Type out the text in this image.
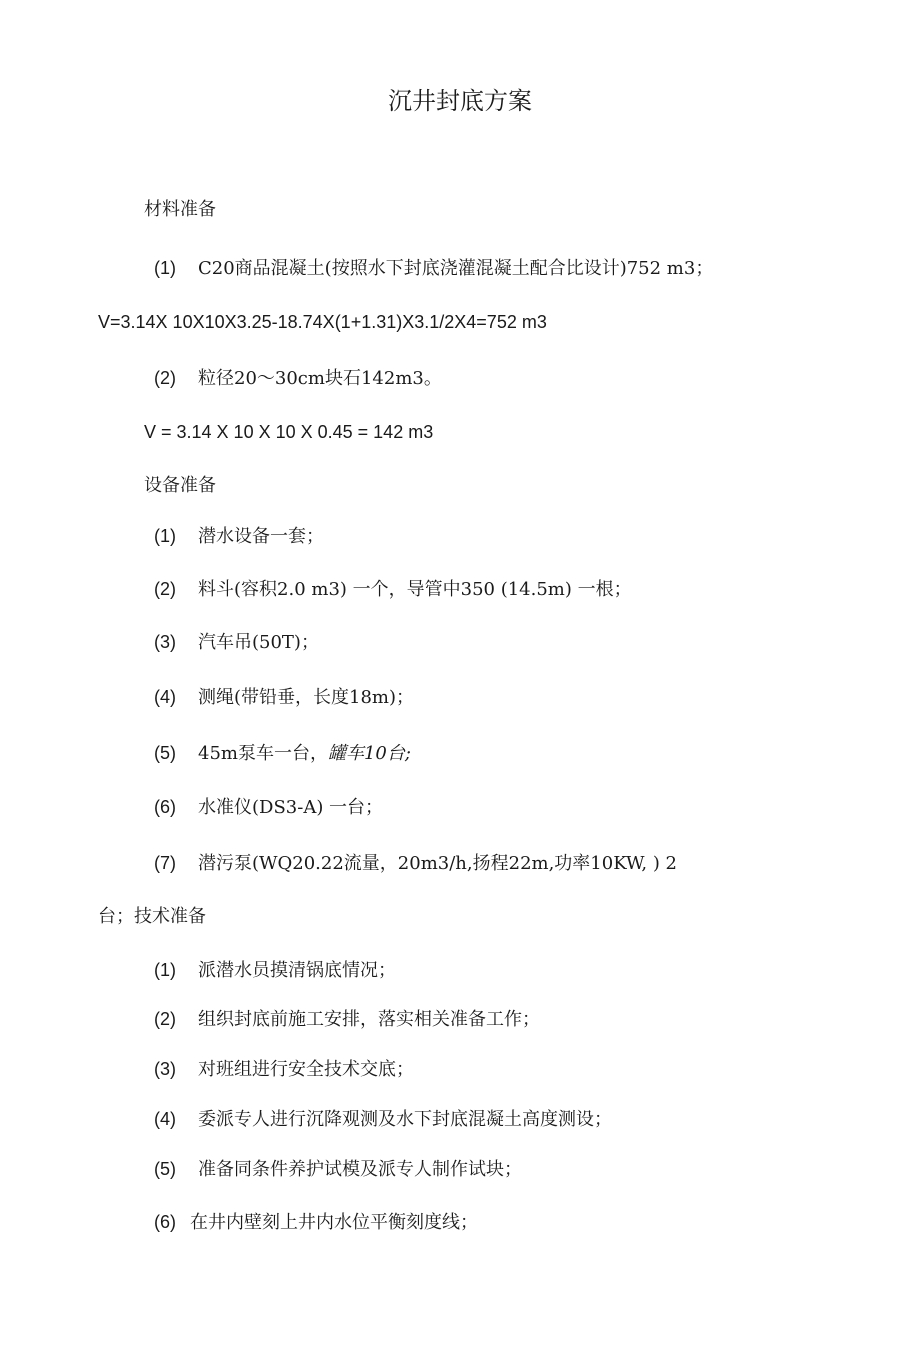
沉井封底方案
材料准备
(1) C20商品混凝土(按照水下封底浇灌混凝土配合比设计)752 m3；
V=3.14X 10X10X3.25-18.74X(1+1.31)X3.1/2X4=752 m3
(2) 粒径20〜30cm块石142m3。
V = 3.14 X 10 X 10 X 0.45 = 142 m3
设备准备
(1) 潜水设备一套；
(2) 料斗(容积2.0 m3) 一个，导管中350 (14.5m) 一根；
(3) 汽车吊(50T)；
(4) 测绳(带铅垂，长度18m)；
(5) 45m泵车一台，罐车10台;
(6) 水准仪(DS3-A) 一台；
(7) 潜污泵(WQ20.22流量，20m3/h,扬程22m,功率10KW, ) 2
台；技术准备
(1) 派潜水员摸清锅底情况；
(2) 组织封底前施工安排，落实相关准备工作；
(3) 对班组进行安全技术交底；
(4) 委派专人进行沉降观测及水下封底混凝土高度测设；
(5) 准备同条件养护试模及派专人制作试块；
(6) 在井内壁刻上井内水位平衡刻度线；
